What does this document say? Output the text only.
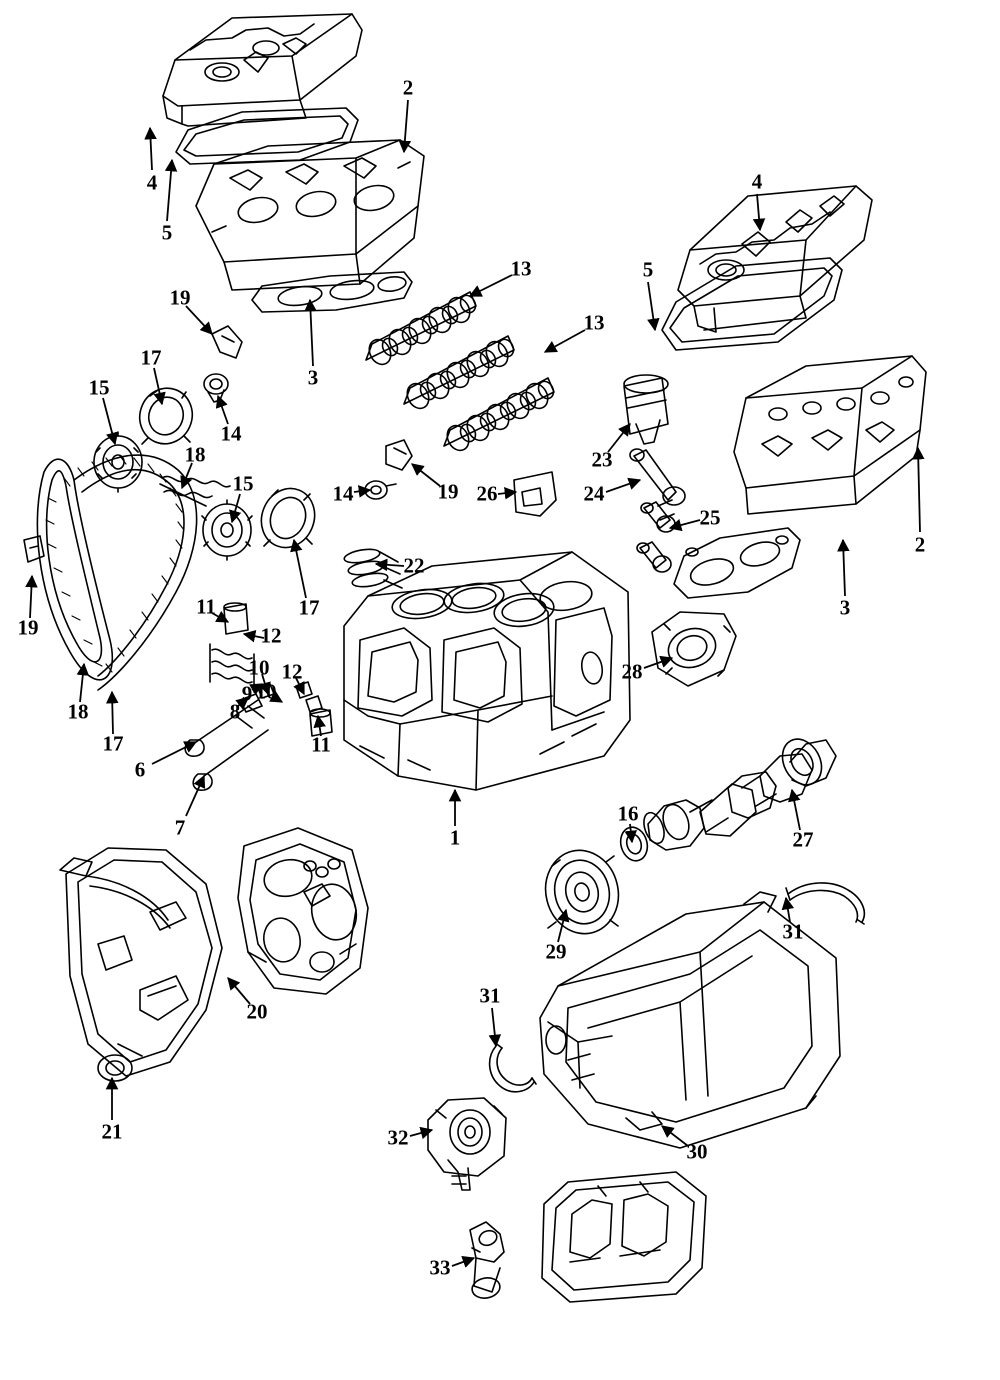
1
2
2
3
3
4	4
5
5
6
7
8
9
10
10
11
11
12
12
13
13
14
14
15
15
16
17
17
17
18
18
19
19
19
20
21
22
23
24
25
26
27
28
29
30
31
31
32
33
